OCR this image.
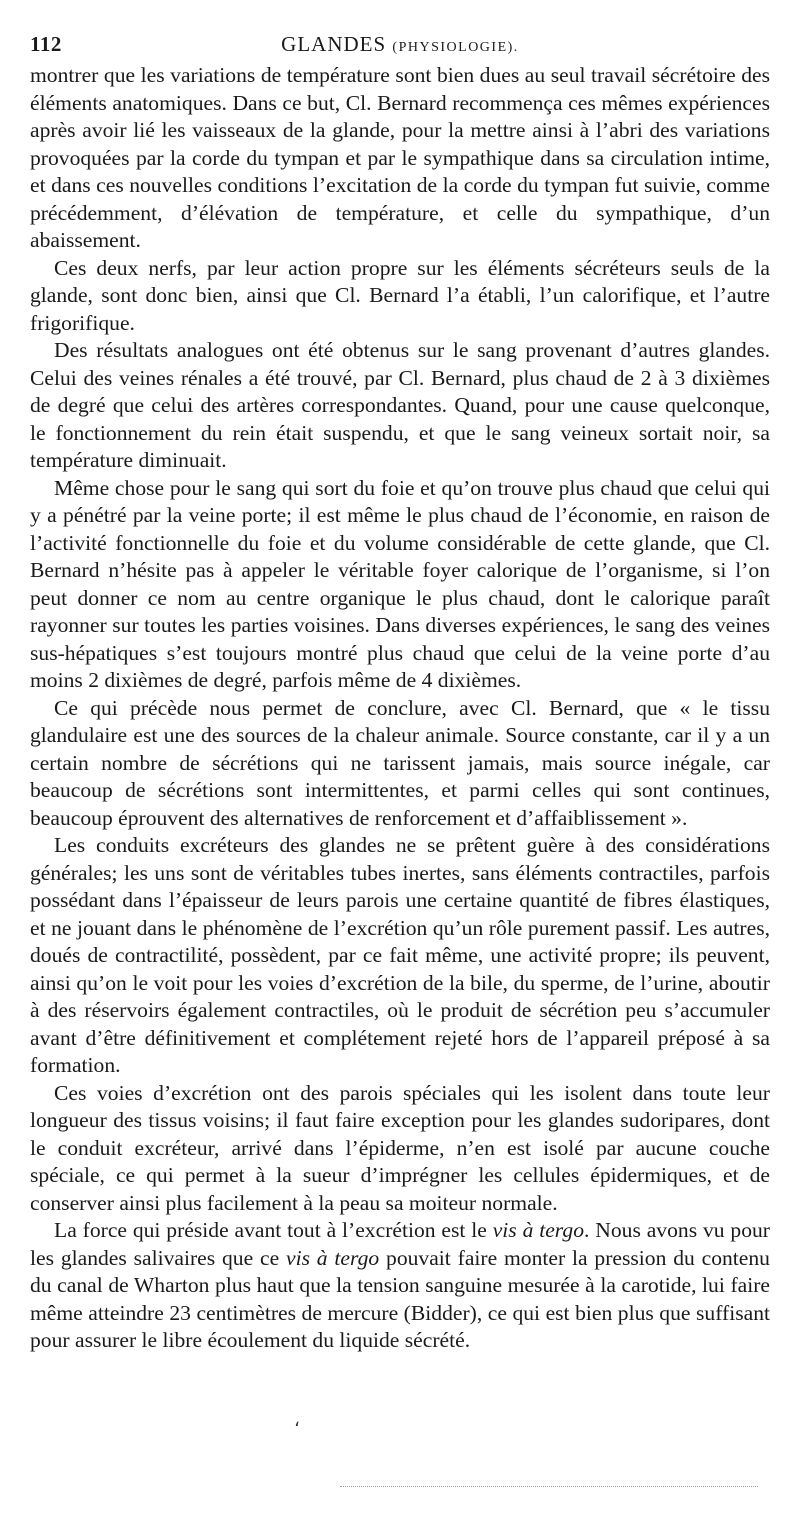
112	GLANDES (PHYSIOLOGIE).

montrer que les variations de température sont bien dues au seul travail sécrétoire des éléments anatomiques. Dans ce but, Cl. Bernard recommença ces mêmes expériences après avoir lié les vaisseaux de la glande, pour la mettre ainsi à l’abri des variations provoquées par la corde du tympan et par le sympathique dans sa circulation intime, et dans ces nouvelles conditions l’excitation de la corde du tympan fut suivie, comme précédemment, d’élévation de température, et celle du sympathique, d’un abaissement.

Ces deux nerfs, par leur action propre sur les éléments sécréteurs seuls de la glande, sont donc bien, ainsi que Cl. Bernard l’a établi, l’un calorifique, et l’autre frigorifique.

Des résultats analogues ont été obtenus sur le sang provenant d’autres glandes. Celui des veines rénales a été trouvé, par Cl. Bernard, plus chaud de 2 à 3 dixièmes de degré que celui des artères correspondantes. Quand, pour une cause quelconque, le fonctionnement du rein était suspendu, et que le sang veineux sortait noir, sa température diminuait.

Même chose pour le sang qui sort du foie et qu’on trouve plus chaud que celui qui y a pénétré par la veine porte; il est même le plus chaud de l’économie, en raison de l’activité fonctionnelle du foie et du volume considérable de cette glande, que Cl. Bernard n’hésite pas à appeler le véritable foyer calorique de l’organisme, si l’on peut donner ce nom au centre organique le plus chaud, dont le calorique paraît rayonner sur toutes les parties voisines. Dans diverses expériences, le sang des veines sus-hépatiques s’est toujours montré plus chaud que celui de la veine porte d’au moins 2 dixièmes de degré, parfois même de 4 dixièmes.

Ce qui précède nous permet de conclure, avec Cl. Bernard, que « le tissu glandulaire est une des sources de la chaleur animale. Source constante, car il y a un certain nombre de sécrétions qui ne tarissent jamais, mais source inégale, car beaucoup de sécrétions sont intermittentes, et parmi celles qui sont continues, beaucoup éprouvent des alternatives de renforcement et d’affaiblissement ».

Les conduits excréteurs des glandes ne se prêtent guère à des considérations générales; les uns sont de véritables tubes inertes, sans éléments contractiles, parfois possédant dans l’épaisseur de leurs parois une certaine quantité de fibres élastiques, et ne jouant dans le phénomène de l’excrétion qu’un rôle purement passif. Les autres, doués de contractilité, possèdent, par ce fait même, une activité propre; ils peuvent, ainsi qu’on le voit pour les voies d’excrétion de la bile, du sperme, de l’urine, aboutir à des réservoirs également contractiles, où le produit de sécrétion peu s’accumuler avant d’être définitivement et complétement rejeté hors de l’appareil préposé à sa formation.

Ces voies d’excrétion ont des parois spéciales qui les isolent dans toute leur longueur des tissus voisins; il faut faire exception pour les glandes sudoripares, dont le conduit excréteur, arrivé dans l’épiderme, n’en est isolé par aucune couche spéciale, ce qui permet à la sueur d’imprégner les cellules épidermiques, et de conserver ainsi plus facilement à la peau sa moiteur normale.

La force qui préside avant tout à l’excrétion est le vis à tergo. Nous avons vu pour les glandes salivaires que ce vis à tergo pouvait faire monter la pression du contenu du canal de Wharton plus haut que la tension sanguine mesurée à la carotide, lui faire même atteindre 23 centimètres de mercure (Bidder), ce qui est bien plus que suffisant pour assurer le libre écoulement du liquide sécrété.

،
